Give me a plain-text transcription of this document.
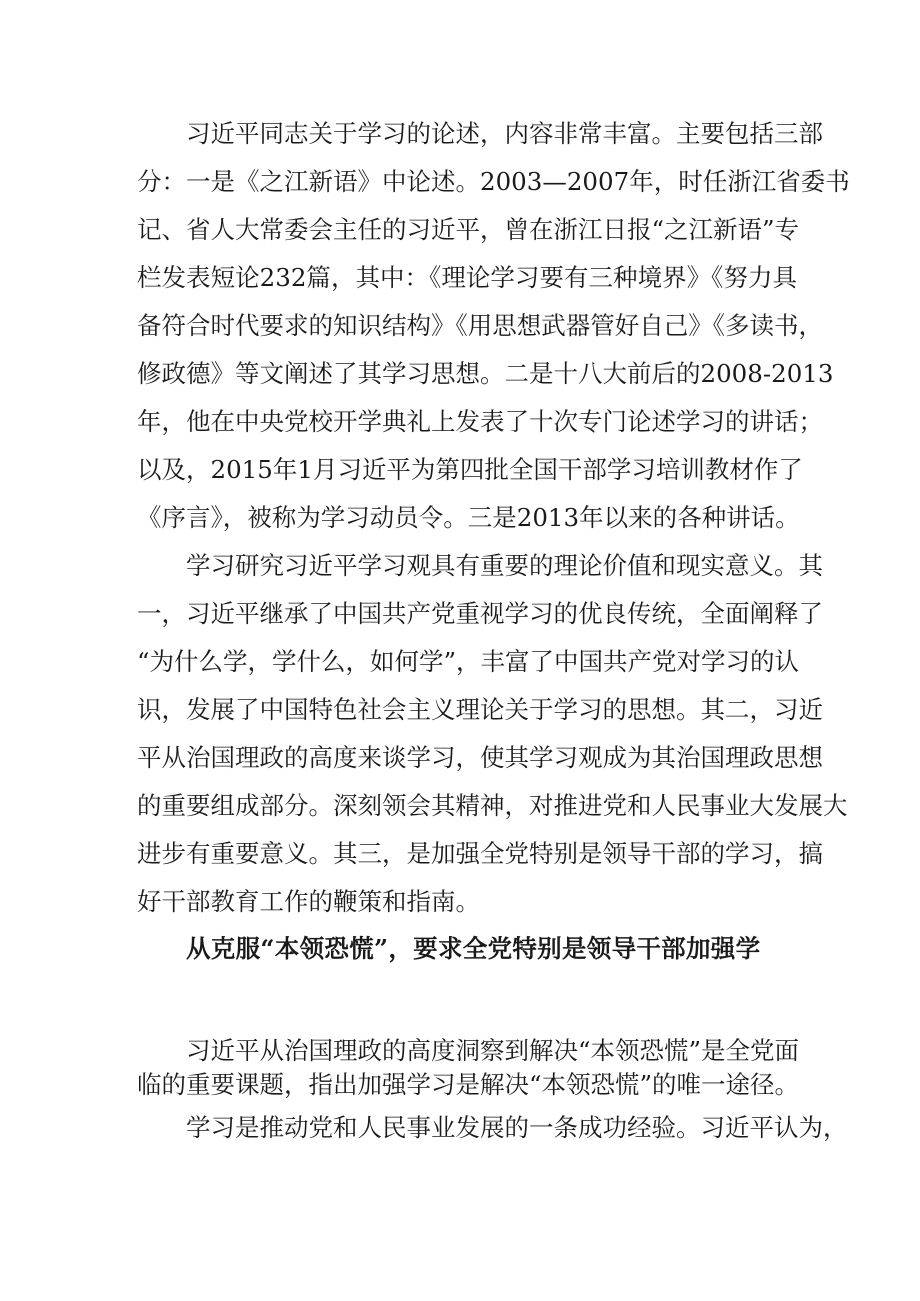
习近平同志关于学习的论述，内容非常丰富。主要包括三部
分：一是《之江新语》中论述。2003—2007年，时任浙江省委书
记、省人大常委会主任的习近平，曾在浙江日报“之江新语”专
栏发表短论232篇，其中：《理论学习要有三种境界》《努力具
备符合时代要求的知识结构》《用思想武器管好自己》《多读书，
修政德》等文阐述了其学习思想。二是十八大前后的2008-2013
年，他在中央党校开学典礼上发表了十次专门论述学习的讲话；
以及，2015年1月习近平为第四批全国干部学习培训教材作了
《序言》，被称为学习动员令。三是2013年以来的各种讲话。
学习研究习近平学习观具有重要的理论价值和现实意义。其
一，习近平继承了中国共产党重视学习的优良传统，全面阐释了
“为什么学，学什么，如何学”，丰富了中国共产党对学习的认
识，发展了中国特色社会主义理论关于学习的思想。其二，习近
平从治国理政的高度来谈学习，使其学习观成为其治国理政思想
的重要组成部分。深刻领会其精神，对推进党和人民事业大发展大
进步有重要意义。其三，是加强全党特别是领导干部的学习，搞
好干部教育工作的鞭策和指南。
从克服“本领恐慌”，要求全党特别是领导干部加强学
习近平从治国理政的高度洞察到解决“本领恐慌”是全党面
临的重要课题，指出加强学习是解决“本领恐慌”的唯一途径。
学习是推动党和人民事业发展的一条成功经验。习近平认为，
